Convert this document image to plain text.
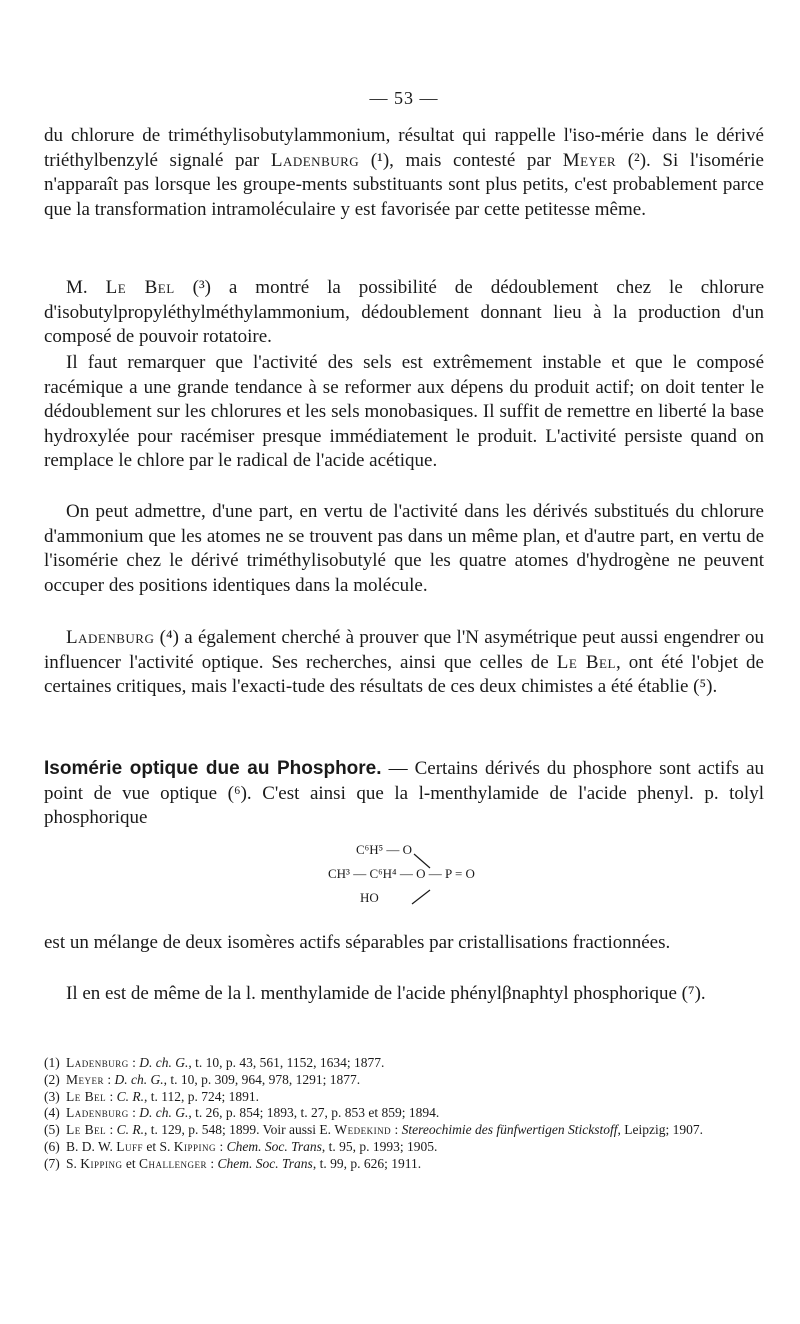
— 53 —

du chlorure de triméthylisobutylammonium, résultat qui rappelle l'iso-mérie dans le dérivé triéthylbenzylé signalé par Ladenburg (¹), mais contesté par Meyer (²). Si l'isomérie n'apparaît pas lorsque les groupe-ments substituants sont plus petits, c'est probablement parce que la transformation intramoléculaire y est favorisée par cette petitesse même.

M. Le Bel (³) a montré la possibilité de dédoublement chez le chlorure d'isobutylpropyléthylméthylammonium, dédoublement donnant lieu à la production d'un composé de pouvoir rotatoire.

Il faut remarquer que l'activité des sels est extrêmement instable et que le composé racémique a une grande tendance à se reformer aux dépens du produit actif; on doit tenter le dédoublement sur les chlorures et les sels monobasiques. Il suffit de remettre en liberté la base hydroxylée pour racémiser presque immédiatement le produit. L'activité persiste quand on remplace le chlore par le radical de l'acide acétique.

On peut admettre, d'une part, en vertu de l'activité dans les dérivés substitués du chlorure d'ammonium que les atomes ne se trouvent pas dans un même plan, et d'autre part, en vertu de l'isomérie chez le dérivé triméthylisobutylé que les quatre atomes d'hydrogène ne peuvent occuper des positions identiques dans la molécule.

Ladenburg (⁴) a également cherché à prouver que l'N asymétrique peut aussi engendrer ou influencer l'activité optique. Ses recherches, ainsi que celles de Le Bel, ont été l'objet de certaines critiques, mais l'exacti-tude des résultats de ces deux chimistes a été établie (⁵).

Isomérie optique due au Phosphore. — Certains dérivés du phosphore sont actifs au point de vue optique (⁶). C'est ainsi que la l-menthylamide de l'acide phenyl. p. tolyl phosphorique

C⁶H⁵ — O
CH³ — C⁶H⁴ — O — P = O
HO

est un mélange de deux isomères actifs séparables par cristallisations fractionnées.

Il en est de même de la l. menthylamide de l'acide phénylβnaphtyl phosphorique (⁷).

(1) Ladenburg : D. ch. G., t. 10, p. 43, 561, 1152, 1634; 1877.

(2) Meyer : D. ch. G., t. 10, p. 309, 964, 978, 1291; 1877.

(3) Le Bel : C. R., t. 112, p. 724; 1891.

(4) Ladenburg : D. ch. G., t. 26, p. 854; 1893, t. 27, p. 853 et 859; 1894.

(5) Le Bel : C. R., t. 129, p. 548; 1899. Voir aussi E. Wedekind : Stereochimie des fünfwertigen Stickstoff, Leipzig; 1907.

(6) B. D. W. Luff et S. Kipping : Chem. Soc. Trans, t. 95, p. 1993; 1905.

(7) S. Kipping et Challenger : Chem. Soc. Trans, t. 99, p. 626; 1911.
